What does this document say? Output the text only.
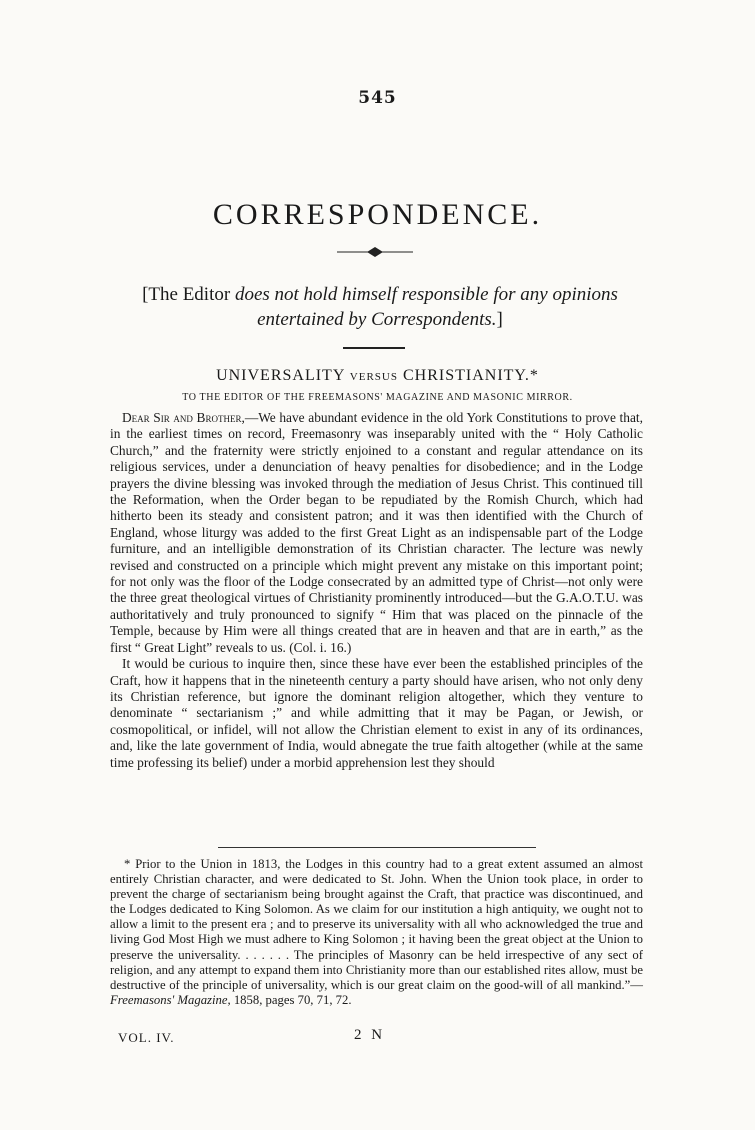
545
CORRESPONDENCE.
[The Editor does not hold himself responsible for any opinions entertained by Correspondents.]
UNIVERSALITY VERSUS CHRISTIANITY.*
TO THE EDITOR OF THE FREEMASONS' MAGAZINE AND MASONIC MIRROR.

Dear Sir and Brother,—We have abundant evidence in the old York Constitutions to prove that, in the earliest times on record, Freemasonry was inseparably united with the “ Holy Catholic Church,” and the fraternity were strictly enjoined to a constant and regular attendance on its religious services, under a denunciation of heavy penalties for disobedience; and in the Lodge prayers the divine blessing was invoked through the mediation of Jesus Christ. This continued till the Reformation, when the Order began to be repudiated by the Romish Church, which had hitherto been its steady and consistent patron; and it was then identified with the Church of England, whose liturgy was added to the first Great Light as an indispensable part of the Lodge furniture, and an intelligible demonstration of its Christian character. The lecture was newly revised and constructed on a principle which might prevent any mistake on this important point; for not only was the floor of the Lodge consecrated by an admitted type of Christ—not only were the three great theological virtues of Christianity prominently introduced—but the G.A.O.T.U. was authoritatively and truly pronounced to signify “ Him that was placed on the pinnacle of the Temple, because by Him were all things created that are in heaven and that are in earth,” as the first “ Great Light” reveals to us. (Col. i. 16.)

It would be curious to inquire then, since these have ever been the established principles of the Craft, how it happens that in the nineteenth century a party should have arisen, who not only deny its Christian reference, but ignore the dominant religion altogether, which they venture to denominate “ sectarianism ;” and while admitting that it may be Pagan, or Jewish, or cosmopolitical, or infidel, will not allow the Christian element to exist in any of its ordinances, and, like the late government of India, would abnegate the true faith altogether (while at the same time professing its belief) under a morbid apprehension lest they should

* Prior to the Union in 1813, the Lodges in this country had to a great extent assumed an almost entirely Christian character, and were dedicated to St. John. When the Union took place, in order to prevent the charge of sectarianism being brought against the Craft, that practice was discontinued, and the Lodges dedicated to King Solomon. As we claim for our institution a high antiquity, we ought not to allow a limit to the present era ; and to preserve its universality with all who acknowledged the true and living God Most High we must adhere to King Solomon ; it having been the great object at the Union to preserve the universality. . . . . . . The principles of Masonry can be held irrespective of any sect of religion, and any attempt to expand them into Christianity more than our established rites allow, must be destructive of the principle of universality, which is our great claim on the good-will of all mankind.”—Freemasons' Magazine, 1858, pages 70, 71, 72.

VOL. IV.	2 N
